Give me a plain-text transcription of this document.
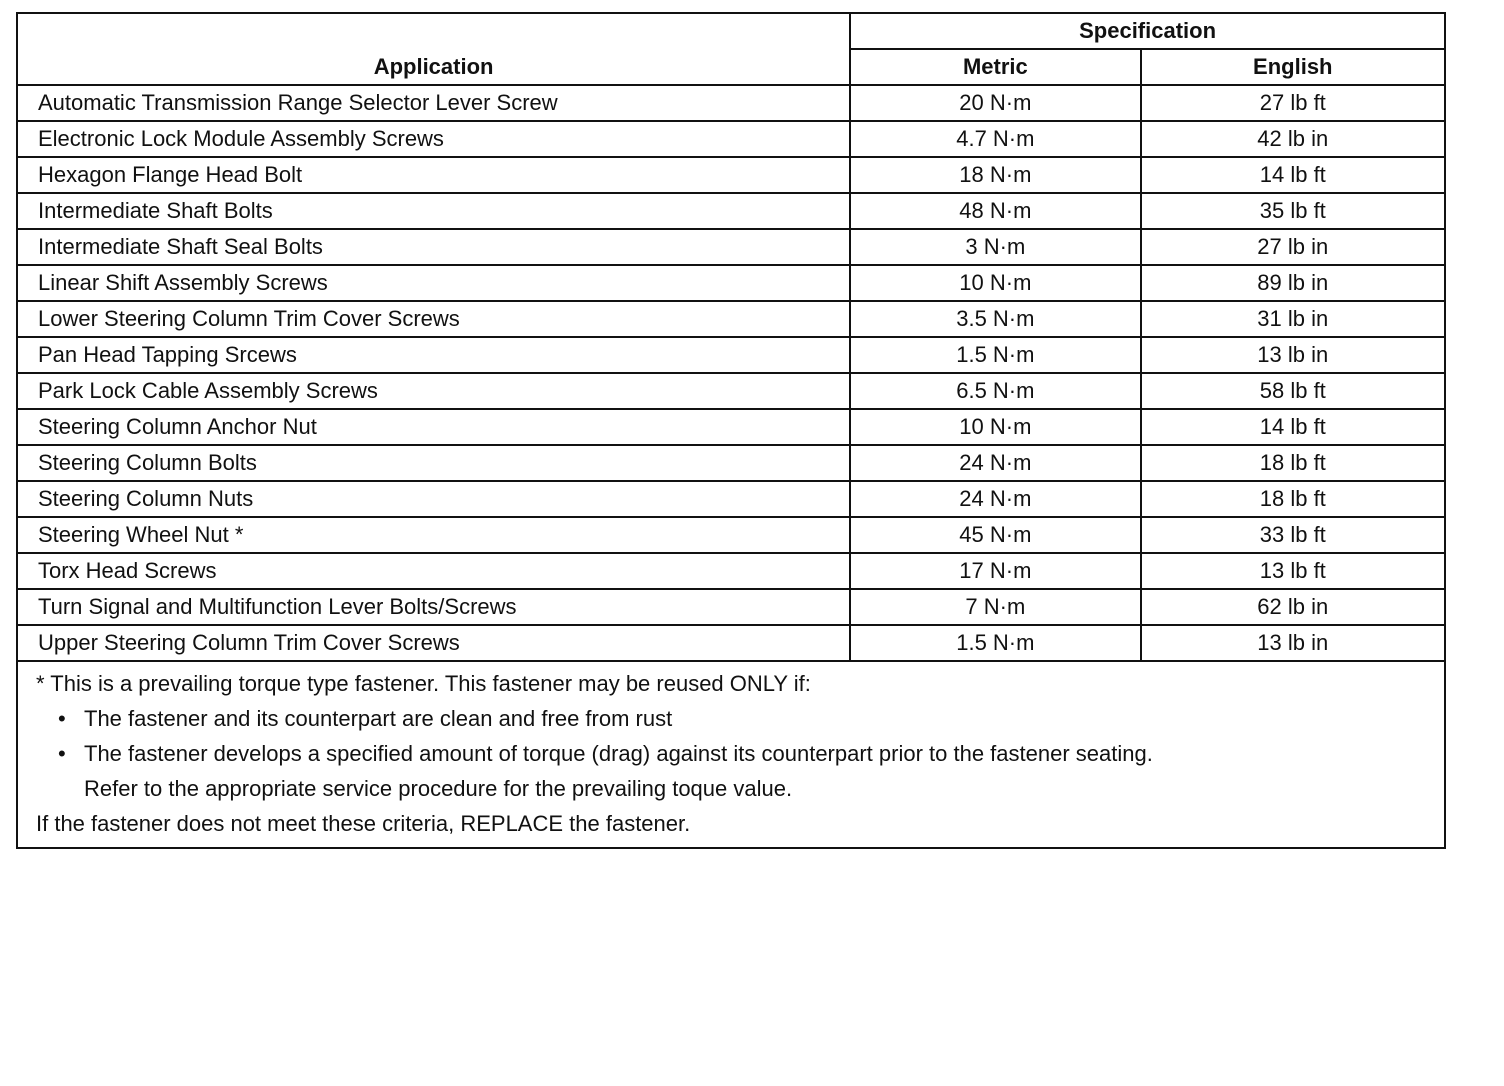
Application	Specification	
	Metric	English
Automatic Transmission Range Selector Lever Screw	20 N·m	27 lb ft
Electronic Lock Module Assembly Screws	4.7 N·m	42 lb in
Hexagon Flange Head Bolt	18 N·m	14 lb ft
Intermediate Shaft Bolts	48 N·m	35 lb ft
Intermediate Shaft Seal Bolts	3 N·m	27 lb in
Linear Shift Assembly Screws	10 N·m	89 lb in
Lower Steering Column Trim Cover Screws	3.5 N·m	31 lb in
Pan Head Tapping Srcews	1.5 N·m	13 lb in
Park Lock Cable Assembly Screws	6.5 N·m	58 lb ft
Steering Column Anchor Nut	10 N·m	14 lb ft
Steering Column Bolts	24 N·m	18 lb ft
Steering Column Nuts	24 N·m	18 lb ft
Steering Wheel Nut *	45 N·m	33 lb ft
Torx Head Screws	17 N·m	13 lb ft
Turn Signal and Multifunction Lever Bolts/Screws	7 N·m	62 lb in
Upper Steering Column Trim Cover Screws	1.5 N·m	13 lb in

* This is a prevailing torque type fastener. This fastener may be reused ONLY if:
• The fastener and its counterpart are clean and free from rust
• The fastener develops a specified amount of torque (drag) against its counterpart prior to the fastener seating.
Refer to the appropriate service procedure for the prevailing toque value.
If the fastener does not meet these criteria, REPLACE the fastener.		
